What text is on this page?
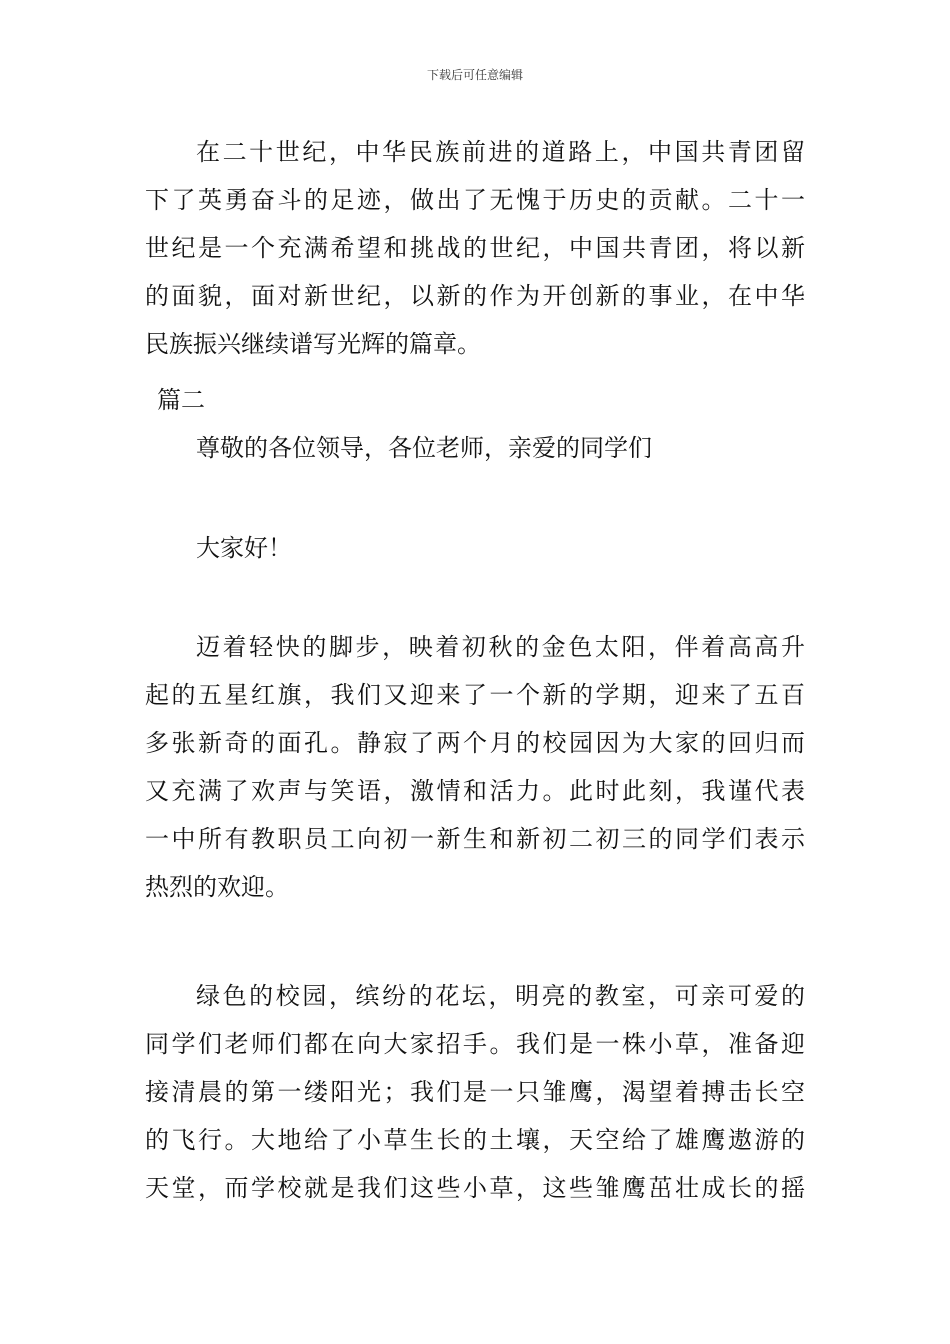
下载后可任意编辑
在二十世纪，中华民族前进的道路上，中国共青团留
下了英勇奋斗的足迹，做出了无愧于历史的贡献。二十一
世纪是一个充满希望和挑战的世纪，中国共青团，将以新
的面貌，面对新世纪，以新的作为开创新的事业，在中华
民族振兴继续谱写光辉的篇章。
篇二
尊敬的各位领导，各位老师，亲爱的同学们
大家好！
迈着轻快的脚步，映着初秋的金色太阳，伴着高高升
起的五星红旗，我们又迎来了一个新的学期，迎来了五百
多张新奇的面孔。静寂了两个月的校园因为大家的回归而
又充满了欢声与笑语，激情和活力。此时此刻，我谨代表
一中所有教职员工向初一新生和新初二初三的同学们表示
热烈的欢迎。
绿色的校园，缤纷的花坛，明亮的教室，可亲可爱的
同学们老师们都在向大家招手。我们是一株小草，准备迎
接清晨的第一缕阳光；我们是一只雏鹰，渴望着搏击长空
的飞行。大地给了小草生长的土壤，天空给了雄鹰遨游的
天堂，而学校就是我们这些小草，这些雏鹰茁壮成长的摇
